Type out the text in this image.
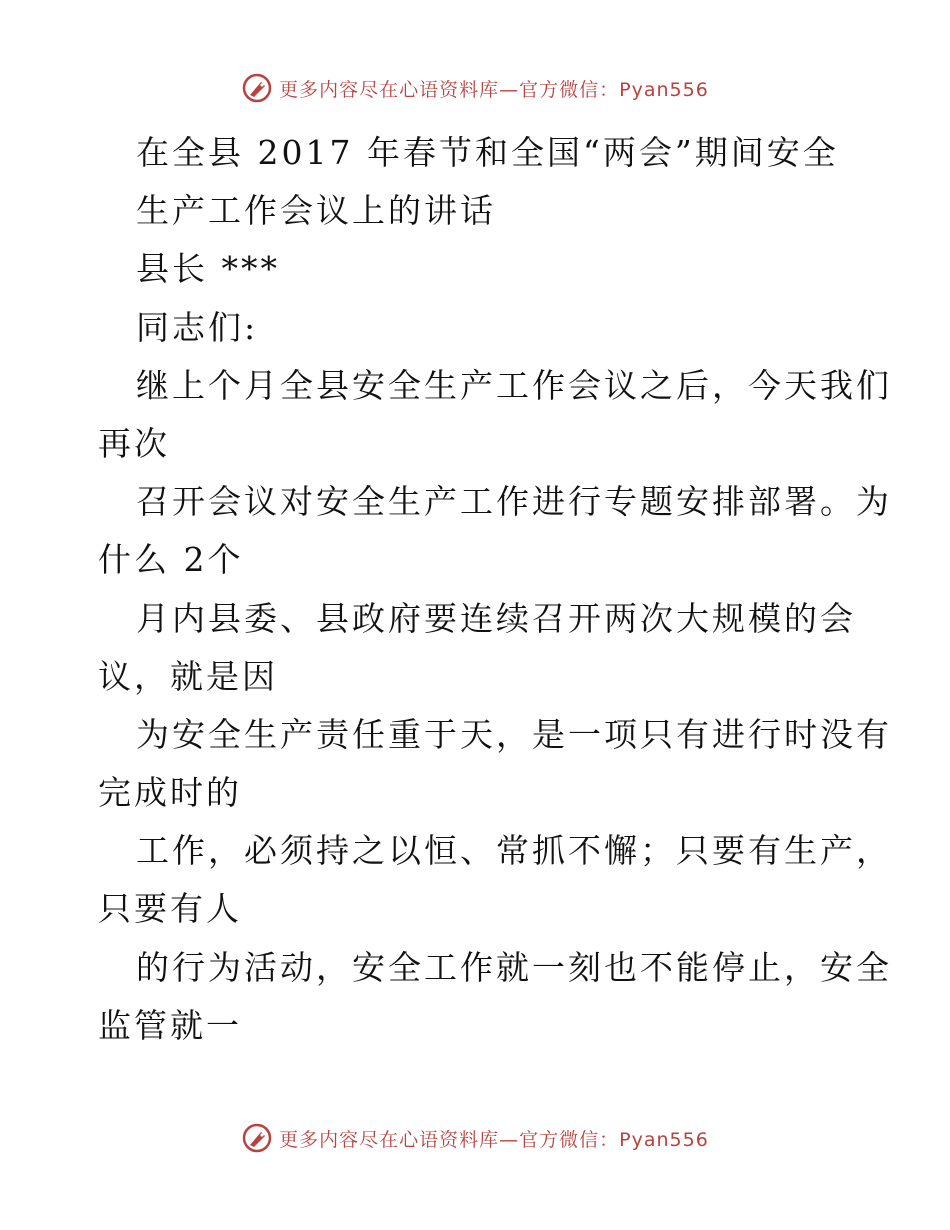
更多内容尽在心语资料库—官方微信：Pyan556
在全县 2017 年春节和全国“两会”期间安全
生产工作会议上的讲话
县长 ***
同志们:
继上个月全县安全生产工作会议之后，今天我们
再次
召开会议对安全生产工作进行专题安排部署。为
什么 2个
月内县委、县政府要连续召开两次大规模的会
议，就是因
为安全生产责任重于天，是一项只有进行时没有
完成时的
工作，必须持之以恒、常抓不懈；只要有生产，
只要有人
的行为活动，安全工作就一刻也不能停止，安全
监管就一
更多内容尽在心语资料库—官方微信：Pyan556
